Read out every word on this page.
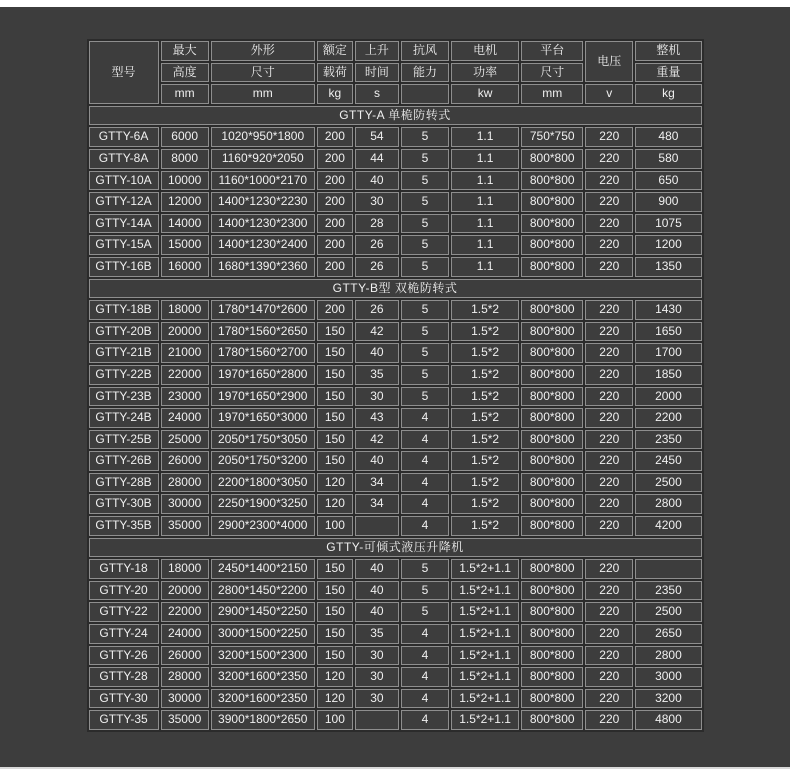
型号	最大	外形	额定	上升	抗风	电机	平台	电压	整机
	高度	尺寸	载荷	时间	能力	功率	尺寸		重量
	mm	mm	kg	s		kw	mm	v	kg
GTTY-A 单桅防转式									
GTTY-6A	6000	1020*950*1800	200	54	5	1.1	750*750	220	480
GTTY-8A	8000	1160*920*2050	200	44	5	1.1	800*800	220	580
GTTY-10A	10000	1160*1000*2170	200	40	5	1.1	800*800	220	650
GTTY-12A	12000	1400*1230*2230	200	30	5	1.1	800*800	220	900
GTTY-14A	14000	1400*1230*2300	200	28	5	1.1	800*800	220	1075
GTTY-15A	15000	1400*1230*2400	200	26	5	1.1	800*800	220	1200
GTTY-16B	16000	1680*1390*2360	200	26	5	1.1	800*800	220	1350
GTTY-B型 双桅防转式									
GTTY-18B	18000	1780*1470*2600	200	26	5	1.5*2	800*800	220	1430
GTTY-20B	20000	1780*1560*2650	150	42	5	1.5*2	800*800	220	1650
GTTY-21B	21000	1780*1560*2700	150	40	5	1.5*2	800*800	220	1700
GTTY-22B	22000	1970*1650*2800	150	35	5	1.5*2	800*800	220	1850
GTTY-23B	23000	1970*1650*2900	150	30	5	1.5*2	800*800	220	2000
GTTY-24B	24000	1970*1650*3000	150	43	4	1.5*2	800*800	220	2200
GTTY-25B	25000	2050*1750*3050	150	42	4	1.5*2	800*800	220	2350
GTTY-26B	26000	2050*1750*3200	150	40	4	1.5*2	800*800	220	2450
GTTY-28B	28000	2200*1800*3050	120	34	4	1.5*2	800*800	220	2500
GTTY-30B	30000	2250*1900*3250	120	34	4	1.5*2	800*800	220	2800
GTTY-35B	35000	2900*2300*4000	100		4	1.5*2	800*800	220	4200
GTTY-可倾式液压升降机									
GTTY-18	18000	2450*1400*2150	150	40	5	1.5*2+1.1	800*800	220	
GTTY-20	20000	2800*1450*2200	150	40	5	1.5*2+1.1	800*800	220	2350
GTTY-22	22000	2900*1450*2250	150	40	5	1.5*2+1.1	800*800	220	2500
GTTY-24	24000	3000*1500*2250	150	35	4	1.5*2+1.1	800*800	220	2650
GTTY-26	26000	3200*1500*2300	150	30	4	1.5*2+1.1	800*800	220	2800
GTTY-28	28000	3200*1600*2350	120	30	4	1.5*2+1.1	800*800	220	3000
GTTY-30	30000	3200*1600*2350	120	30	4	1.5*2+1.1	800*800	220	3200
GTTY-35	35000	3900*1800*2650	100		4	1.5*2+1.1	800*800	220	4800
